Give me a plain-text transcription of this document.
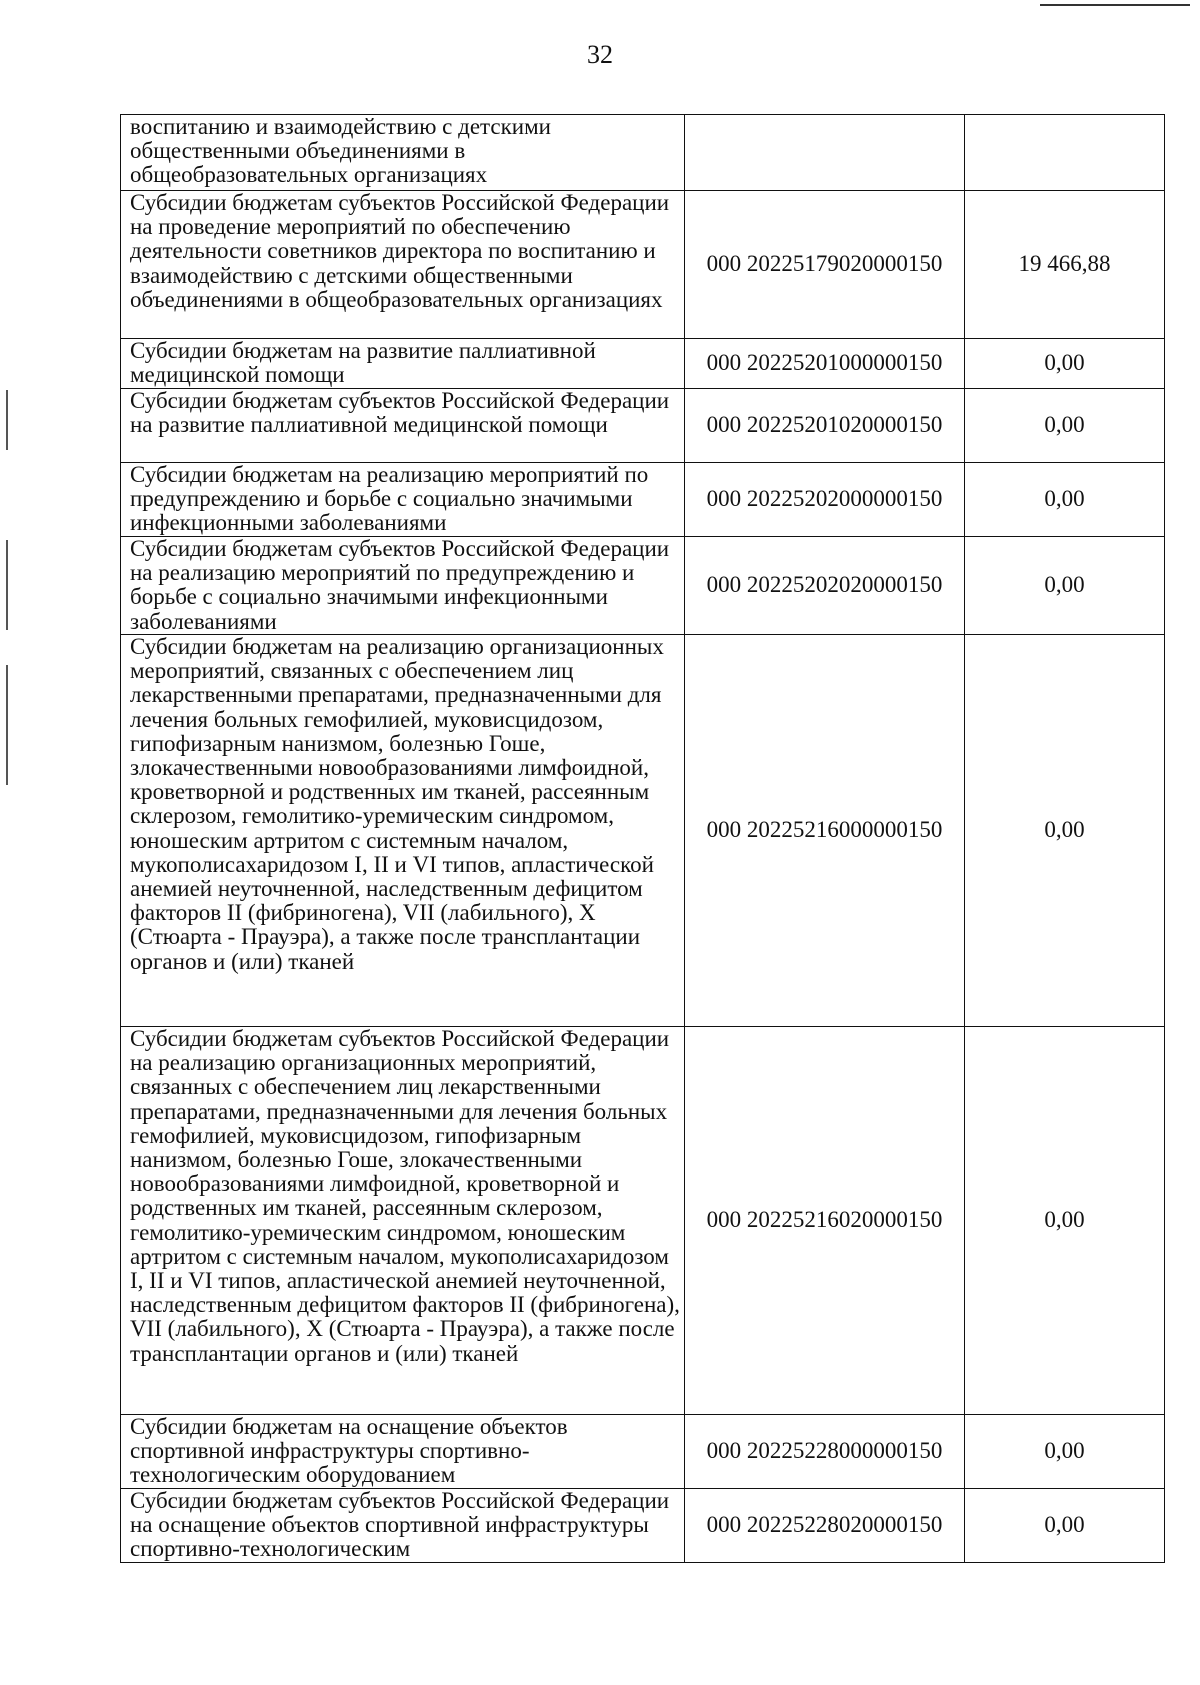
32
воспитанию и взаимодействию с детскими общественными объединениями в общеобразовательных организациях		
Субсидии бюджетам субъектов Российской Федерации на проведение мероприятий по обеспечению деятельности советников директора по воспитанию и взаимодействию с детскими общественными объединениями в общеобразовательных организациях	000 20225179020000150	19 466,88
Субсидии бюджетам на развитие паллиативной медицинской помощи	000 20225201000000150	0,00
Субсидии бюджетам субъектов Российской Федерации на развитие паллиативной медицинской помощи	000 20225201020000150	0,00
Субсидии бюджетам на реализацию мероприятий по предупреждению и борьбе с социально значимыми инфекционными заболеваниями	000 20225202000000150	0,00
Субсидии бюджетам субъектов Российской Федерации на реализацию мероприятий по предупреждению и борьбе с социально значимыми инфекционными заболеваниями	000 20225202020000150	0,00
Субсидии бюджетам на реализацию организационных мероприятий, связанных с обеспечением лиц лекарственными препаратами, предназначенными для лечения больных гемофилией, муковисцидозом, гипофизарным нанизмом, болезнью Гоше, злокачественными новообразованиями лимфоидной, кроветворной и родственных им тканей, рассеянным склерозом, гемолитико-уремическим синдромом, юношеским артритом с системным началом, мукополисахаридозом I, II и VI типов, апластической анемией неуточненной, наследственным дефицитом факторов II (фибриногена), VII (лабильного), X (Стюарта - Прауэра), а также после трансплантации органов и (или) тканей	000 20225216000000150	0,00
Субсидии бюджетам субъектов Российской Федерации на реализацию организационных мероприятий, связанных с обеспечением лиц лекарственными препаратами, предназначенными для лечения больных гемофилией, муковисцидозом, гипофизарным нанизмом, болезнью Гоше, злокачественными новообразованиями лимфоидной, кроветворной и родственных им тканей, рассеянным склерозом, гемолитико-уремическим синдромом, юношеским артритом с системным началом, мукополисахаридозом I, II и VI типов, апластической анемией неуточненной, наследственным дефицитом факторов II (фибриногена), VII (лабильного), X (Стюарта - Прауэра), а также после трансплантации органов и (или) тканей	000 20225216020000150	0,00
Субсидии бюджетам на оснащение объектов спортивной инфраструктуры спортивно-технологическим оборудованием	000 20225228000000150	0,00
Субсидии бюджетам субъектов Российской Федерации на оснащение объектов спортивной инфраструктуры спортивно-технологическим	000 20225228020000150	0,00
